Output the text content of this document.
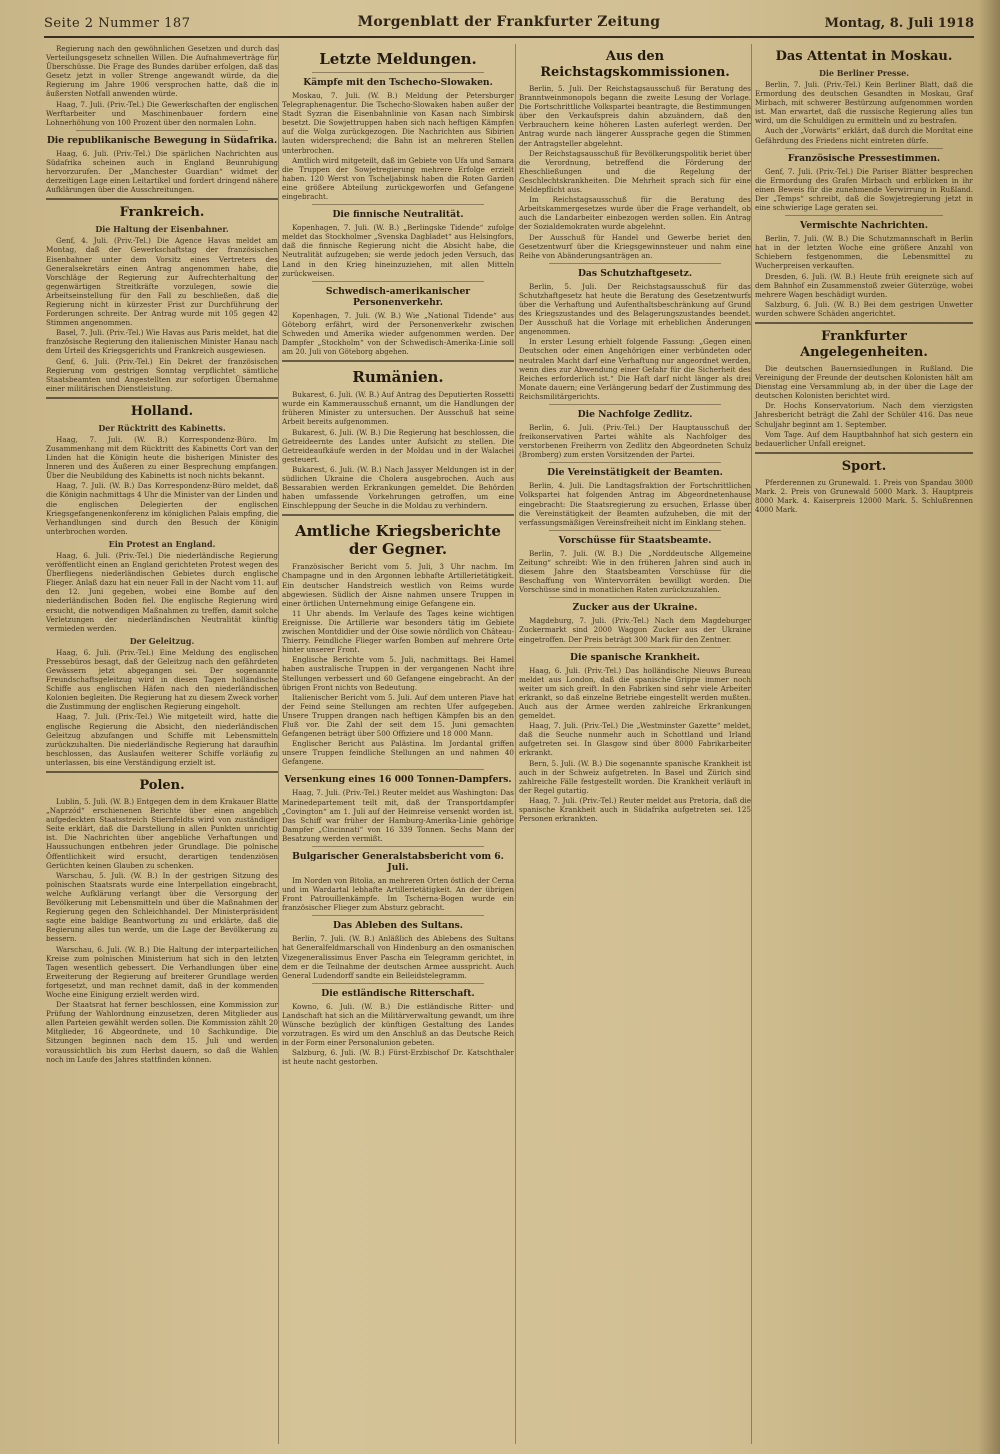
Seite 2 Nummer 187	Morgenblatt der Frankfurter Zeitung	Montag, 8. Juli 1918
Regierung nach den gewöhnlichen Gesetzen und durch das Verteilungsgesetz schnellen Willen. Die Aufnahmeverträge für Überschüsse. Die Frage des Bundes darüber erfolgen, daß das Gesetz jetzt in voller Strenge angewandt würde, da die Regierung im Jahre 1906 versprochen hatte, daß die in äußersten Notfall anwenden würde.
Haag, 7. Juli. (Priv.-Tel.) Die Gewerkschaften der englischen Werftarbeiter und Maschinenbauer fordern eine Lohnerhöhung von 100 Prozent über den normalen Lohn.
Die republikanische Bewegung in Südafrika.
Haag, 6. Juli. (Priv.-Tel.) Die spärlichen Nachrichten aus Südafrika scheinen auch in England Beunruhigung hervorzurufen. Der „Manchester Guardian“ widmet der derzeitigen Lage einen Leitartikel und fordert dringend nähere Aufklärungen über die Ausschreitungen.
Frankreich.
Die Haltung der Eisenbahner.
Genf, 4. Juli. (Priv.-Tel.) Die Agence Havas meldet am Montag, daß der Gewerkschaftstag der französischen Eisenbahner unter dem Vorsitz eines Vertreters des Generalsekretärs einen Antrag angenommen habe, die Vorschläge der Regierung zur Aufrechterhaltung der gegenwärtigen Streitkräfte vorzulegen, sowie die Arbeitseinstellung für den Fall zu beschließen, daß die Regierung nicht in kürzester Frist zur Durchführung der Forderungen schreite. Der Antrag wurde mit 105 gegen 42 Stimmen angenommen.
Basel, 7. Juli. (Priv.-Tel.) Wie Havas aus Paris meldet, hat die französische Regierung den italienischen Minister Hanau nach dem Urteil des Kriegsgerichts und Frankreich ausgewiesen.
Genf, 6. Juli. (Priv.-Tel.) Ein Dekret der französischen Regierung vom gestrigen Sonntag verpflichtet sämtliche Staatsbeamten und Angestellten zur sofortigen Übernahme einer militärischen Dienstleistung.
Holland.
Der Rücktritt des Kabinetts.
Haag, 7. Juli. (W. B.) Korrespondenz-Büro. Im Zusammenhang mit dem Rücktritt des Kabinetts Cort van der Linden hat die Königin heute die bisherigen Minister des Inneren und des Äußeren zu einer Besprechung empfangen. Über die Neubildung des Kabinetts ist noch nichts bekannt.
Haag, 7. Juli. (W. B.) Das Korrespondenz-Büro meldet, daß die Königin nachmittags 4 Uhr die Minister van der Linden und die englischen Delegierten der englischen Kriegsgefangenenkonferenz im königlichen Palais empfing, die Verhandlungen sind durch den Besuch der Königin unterbrochen worden.
Ein Protest an England.
Haag, 6. Juli. (Priv.-Tel.) Die niederländische Regierung veröffentlicht einen an England gerichteten Protest wegen des Überfliegens niederländischen Gebietes durch englische Flieger. Anlaß dazu hat ein neuer Fall in der Nacht vom 11. auf den 12. Juni gegeben, wobei eine Bombe auf den niederländischen Boden fiel. Die englische Regierung wird ersucht, die notwendigen Maßnahmen zu treffen, damit solche Verletzungen der niederländischen Neutralität künftig vermieden werden.
Der Geleitzug.
Haag, 6. Juli. (Priv.-Tel.) Eine Meldung des englischen Pressebüros besagt, daß der Geleitzug nach den gefährdeten Gewässern jetzt abgegangen sei. Der sogenannte Freundschaftsgeleitzug wird in diesen Tagen holländische Schiffe aus englischen Häfen nach den niederländischen Kolonien begleiten. Die Regierung hat zu diesem Zweck vorher die Zustimmung der englischen Regierung eingeholt.
Haag, 7. Juli. (Priv.-Tel.) Wie mitgeteilt wird, hatte die englische Regierung die Absicht, den niederländischen Geleitzug abzufangen und Schiffe mit Lebensmitteln zurückzuhalten. Die niederländische Regierung hat daraufhin beschlossen, das Auslaufen weiterer Schiffe vorläufig zu unterlassen, bis eine Verständigung erzielt ist.
Polen.
Lublin, 5. Juli. (W. B.) Entgegen dem in dem Krakauer Blatte „Naprzód“ erschienenen Berichte über einen angeblich aufgedeckten Staatsstreich Stiernfeldts wird von zuständiger Seite erklärt, daß die Darstellung in allen Punkten unrichtig ist. Die Nachrichten über angebliche Verhaftungen und Haussuchungen entbehren jeder Grundlage. Die polnische Öffentlichkeit wird ersucht, derartigen tendenziösen Gerüchten keinen Glauben zu schenken.
Warschau, 5. Juli. (W. B.) In der gestrigen Sitzung des polnischen Staatsrats wurde eine Interpellation eingebracht, welche Aufklärung verlangt über die Versorgung der Bevölkerung mit Lebensmitteln und über die Maßnahmen der Regierung gegen den Schleichhandel. Der Ministerpräsident sagte eine baldige Beantwortung zu und erklärte, daß die Regierung alles tun werde, um die Lage der Bevölkerung zu bessern.
Warschau, 6. Juli. (W. B.) Die Haltung der interparteilichen Kreise zum polnischen Ministerium hat sich in den letzten Tagen wesentlich gebessert. Die Verhandlungen über eine Erweiterung der Regierung auf breiterer Grundlage werden fortgesetzt, und man rechnet damit, daß in der kommenden Woche eine Einigung erzielt werden wird.
Der Staatsrat hat ferner beschlossen, eine Kommission zur Prüfung der Wahlordnung einzusetzen, deren Mitglieder aus allen Parteien gewählt werden sollen. Die Kommission zählt 20 Mitglieder, 16 Abgeordnete, und 10 Sachkundige. Die Sitzungen beginnen nach dem 15. Juli und werden voraussichtlich bis zum Herbst dauern, so daß die Wahlen noch im Laufe des Jahres stattfinden können.
Letzte Meldungen.
Kämpfe mit den Tschecho-Slowaken.
Moskau, 7. Juli. (W. B.) Meldung der Petersburger Telegraphenagentur. Die Tschecho-Slowaken haben außer der Stadt Syzran die Eisenbahnlinie von Kasan nach Simbirsk besetzt. Die Sowjettruppen haben sich nach heftigen Kämpfen auf die Wolga zurückgezogen. Die Nachrichten aus Sibirien lauten widersprechend; die Bahn ist an mehreren Stellen unterbrochen.
Amtlich wird mitgeteilt, daß im Gebiete von Ufa und Samara die Truppen der Sowjetregierung mehrere Erfolge erzielt haben. 120 Werst von Tscheljabinsk haben die Roten Garden eine größere Abteilung zurückgeworfen und Gefangene eingebracht.
Die finnische Neutralität.
Kopenhagen, 7. Juli. (W. B.) „Berlingske Tidende“ zufolge meldet das Stockholmer „Svenska Dagbladet“ aus Helsingfors, daß die finnische Regierung nicht die Absicht habe, die Neutralität aufzugeben; sie werde jedoch jeden Versuch, das Land in den Krieg hineinzuziehen, mit allen Mitteln zurückweisen.
Schwedisch-amerikanischer Personenverkehr.
Kopenhagen, 7. Juli. (W. B.) Wie „National Tidende“ aus Göteborg erfährt, wird der Personenverkehr zwischen Schweden und Amerika wieder aufgenommen werden. Der Dampfer „Stockholm“ von der Schwedisch-Amerika-Linie soll am 20. Juli von Göteborg abgehen.
Rumänien.
Bukarest, 6. Juli. (W. B.) Auf Antrag des Deputierten Rossetti wurde ein Kammerausschuß ernannt, um die Handlungen der früheren Minister zu untersuchen. Der Ausschuß hat seine Arbeit bereits aufgenommen.
Bukarest, 6. Juli. (W. B.) Die Regierung hat beschlossen, die Getreideernte des Landes unter Aufsicht zu stellen. Die Getreideaufkäufe werden in der Moldau und in der Walachei gesteuert.
Bukarest, 6. Juli. (W. B.) Nach Jassyer Meldungen ist in der südlichen Ukraine die Cholera ausgebrochen. Auch aus Bessarabien werden Erkrankungen gemeldet. Die Behörden haben umfassende Vorkehrungen getroffen, um eine Einschleppung der Seuche in die Moldau zu verhindern.
Amtliche Kriegsberichte der Gegner.
Französischer Bericht vom 5. Juli, 3 Uhr nachm. Im Champagne und in den Argonnen lebhafte Artillerietätigkeit. Ein deutscher Handstreich westlich von Reims wurde abgewiesen. Südlich der Aisne nahmen unsere Truppen in einer örtlichen Unternehmung einige Gefangene ein.
11 Uhr abends. Im Verlaufe des Tages keine wichtigen Ereignisse. Die Artillerie war besonders tätig im Gebiete zwischen Montdidier und der Oise sowie nördlich von Château-Thierry. Feindliche Flieger warfen Bomben auf mehrere Orte hinter unserer Front.
Englische Berichte vom 5. Juli, nachmittags. Bei Hamel haben australische Truppen in der vergangenen Nacht ihre Stellungen verbessert und 60 Gefangene eingebracht. An der übrigen Front nichts von Bedeutung.
Italienischer Bericht vom 5. Juli. Auf dem unteren Piave hat der Feind seine Stellungen am rechten Ufer aufgegeben. Unsere Truppen drangen nach heftigen Kämpfen bis an den Fluß vor. Die Zahl der seit dem 15. Juni gemachten Gefangenen beträgt über 500 Offiziere und 18 000 Mann.
Englischer Bericht aus Palästina. Im Jordantal griffen unsere Truppen feindliche Stellungen an und nahmen 40 Gefangene.
Versenkung eines 16 000 Tonnen-Dampfers.
Haag, 7. Juli. (Priv.-Tel.) Reuter meldet aus Washington: Das Marinedepartement teilt mit, daß der Transportdampfer „Covington“ am 1. Juli auf der Heimreise versenkt worden ist. Das Schiff war früher der Hamburg-Amerika-Linie gehörige Dampfer „Cincinnati“ von 16 339 Tonnen. Sechs Mann der Besatzung werden vermißt.
Bulgarischer Generalstabsbericht vom 6. Juli.
Im Norden von Bitolia, an mehreren Orten östlich der Cerna und im Wardartal lebhafte Artillerietätigkeit. An der übrigen Front Patrouillenkämpfe. Im Tscherna-Bogen wurde ein französischer Flieger zum Absturz gebracht.
Das Ableben des Sultans.
Berlin, 7. Juli. (W. B.) Anläßlich des Ablebens des Sultans hat Generalfeldmarschall von Hindenburg an den osmanischen Vizegeneralissimus Enver Pascha ein Telegramm gerichtet, in dem er die Teilnahme der deutschen Armee ausspricht. Auch General Ludendorff sandte ein Beileidstelegramm.
Die estländische Ritterschaft.
Kowno, 6. Juli. (W. B.) Die estländische Ritter- und Landschaft hat sich an die Militärverwaltung gewandt, um ihre Wünsche bezüglich der künftigen Gestaltung des Landes vorzutragen. Es wird um den Anschluß an das Deutsche Reich in der Form einer Personalunion gebeten.
Salzburg, 6. Juli. (W. B.) Fürst-Erzbischof Dr. Katschthaler ist heute nacht gestorben.
Aus den Reichstagskommissionen.
Berlin, 5. Juli. Der Reichstagsausschuß für Beratung des Branntweinmonopols begann die zweite Lesung der Vorlage. Die Fortschrittliche Volkspartei beantragte, die Bestimmungen über den Verkaufspreis dahin abzuändern, daß den Verbrauchern keine höheren Lasten auferlegt werden. Der Antrag wurde nach längerer Aussprache gegen die Stimmen der Antragsteller abgelehnt.
Der Reichstagsausschuß für Bevölkerungspolitik beriet über die Verordnung, betreffend die Förderung der Eheschließungen und die Regelung der Geschlechtskrankheiten. Die Mehrheit sprach sich für eine Meldepflicht aus.
Im Reichstagsausschuß für die Beratung des Arbeitskammergesetzes wurde über die Frage verhandelt, ob auch die Landarbeiter einbezogen werden sollen. Ein Antrag der Sozialdemokraten wurde abgelehnt.
Der Ausschuß für Handel und Gewerbe beriet den Gesetzentwurf über die Kriegsgewinnsteuer und nahm eine Reihe von Abänderungsanträgen an.
Das Schutzhaftgesetz.
Berlin, 5. Juli. Der Reichstagsausschuß für das Schutzhaftgesetz hat heute die Beratung des Gesetzentwurfs über die Verhaftung und Aufenthaltsbeschränkung auf Grund des Kriegszustandes und des Belagerungszustandes beendet. Der Ausschuß hat die Vorlage mit erheblichen Änderungen angenommen.
In erster Lesung erhielt folgende Fassung: „Gegen einen Deutschen oder einen Angehörigen einer verbündeten oder neutralen Macht darf eine Verhaftung nur angeordnet werden, wenn dies zur Abwendung einer Gefahr für die Sicherheit des Reiches erforderlich ist.“ Die Haft darf nicht länger als drei Monate dauern; eine Verlängerung bedarf der Zustimmung des Reichsmilitärgerichts.
Die Nachfolge Zedlitz.
Berlin, 6. Juli. (Priv.-Tel.) Der Hauptausschuß der freikonservativen Partei wählte als Nachfolger des verstorbenen Freiherrn von Zedlitz den Abgeordneten Schulz (Bromberg) zum ersten Vorsitzenden der Partei.
Die Vereinstätigkeit der Beamten.
Berlin, 4. Juli. Die Landtagsfraktion der Fortschrittlichen Volkspartei hat folgenden Antrag im Abgeordnetenhause eingebracht: Die Staatsregierung zu ersuchen, Erlasse über die Vereinstätigkeit der Beamten aufzuheben, die mit der verfassungsmäßigen Vereinsfreiheit nicht im Einklang stehen.
Vorschüsse für Staatsbeamte.
Berlin, 7. Juli. (W. B.) Die „Norddeutsche Allgemeine Zeitung“ schreibt: Wie in den früheren Jahren sind auch in diesem Jahre den Staatsbeamten Vorschüsse für die Beschaffung von Wintervorräten bewilligt worden. Die Vorschüsse sind in monatlichen Raten zurückzuzahlen.
Zucker aus der Ukraine.
Magdeburg, 7. Juli. (Priv.-Tel.) Nach dem Magdeburger Zuckermarkt sind 2000 Waggon Zucker aus der Ukraine eingetroffen. Der Preis beträgt 300 Mark für den Zentner.
Die spanische Krankheit.
Haag, 6. Juli. (Priv.-Tel.) Das holländische Nieuws Bureau meldet aus London, daß die spanische Grippe immer noch weiter um sich greift. In den Fabriken sind sehr viele Arbeiter erkrankt, so daß einzelne Betriebe eingestellt werden mußten. Auch aus der Armee werden zahlreiche Erkrankungen gemeldet.
Haag, 7. Juli. (Priv.-Tel.) Die „Westminster Gazette“ meldet, daß die Seuche nunmehr auch in Schottland und Irland aufgetreten sei. In Glasgow sind über 8000 Fabrikarbeiter erkrankt.
Bern, 5. Juli. (W. B.) Die sogenannte spanische Krankheit ist auch in der Schweiz aufgetreten. In Basel und Zürich sind zahlreiche Fälle festgestellt worden. Die Krankheit verläuft in der Regel gutartig.
Haag, 7. Juli. (Priv.-Tel.) Reuter meldet aus Pretoria, daß die spanische Krankheit auch in Südafrika aufgetreten sei. 125 Personen erkrankten.
Das Attentat in Moskau.
Die Berliner Presse.
Berlin, 7. Juli. (Priv.-Tel.) Kein Berliner Blatt, daß die Ermordung des deutschen Gesandten in Moskau, Graf Mirbach, mit schwerer Bestürzung aufgenommen worden ist. Man erwartet, daß die russische Regierung alles tun wird, um die Schuldigen zu ermitteln und zu bestrafen.
Auch der „Vorwärts“ erklärt, daß durch die Mordtat eine Gefährdung des Friedens nicht eintreten dürfe.
Französische Pressestimmen.
Genf, 7. Juli. (Priv.-Tel.) Die Pariser Blätter besprechen die Ermordung des Grafen Mirbach und erblicken in ihr einen Beweis für die zunehmende Verwirrung in Rußland. Der „Temps“ schreibt, daß die Sowjetregierung jetzt in eine schwierige Lage geraten sei.
Vermischte Nachrichten.
Berlin, 7. Juli. (W. B.) Die Schutzmannschaft in Berlin hat in der letzten Woche eine größere Anzahl von Schiebern festgenommen, die Lebensmittel zu Wucherpreisen verkauften.
Dresden, 6. Juli. (W. B.) Heute früh ereignete sich auf dem Bahnhof ein Zusammenstoß zweier Güterzüge, wobei mehrere Wagen beschädigt wurden.
Salzburg, 6. Juli. (W. B.) Bei dem gestrigen Unwetter wurden schwere Schäden angerichtet.
Frankfurter Angelegenheiten.
Die deutschen Bauernsiedlungen in Rußland. Die Vereinigung der Freunde der deutschen Kolonisten hält am Dienstag eine Versammlung ab, in der über die Lage der deutschen Kolonisten berichtet wird.
Dr. Hochs Konservatorium. Nach dem vierzigsten Jahresbericht beträgt die Zahl der Schüler 416. Das neue Schuljahr beginnt am 1. September.
Vom Tage. Auf dem Hauptbahnhof hat sich gestern ein bedauerlicher Unfall ereignet.
Sport.
Pferderennen zu Grunewald. 1. Preis von Spandau 3000 Mark. 2. Preis von Grunewald 5000 Mark. 3. Hauptpreis 8000 Mark. 4. Kaiserpreis 12000 Mark. 5. Schlußrennen 4000 Mark.
